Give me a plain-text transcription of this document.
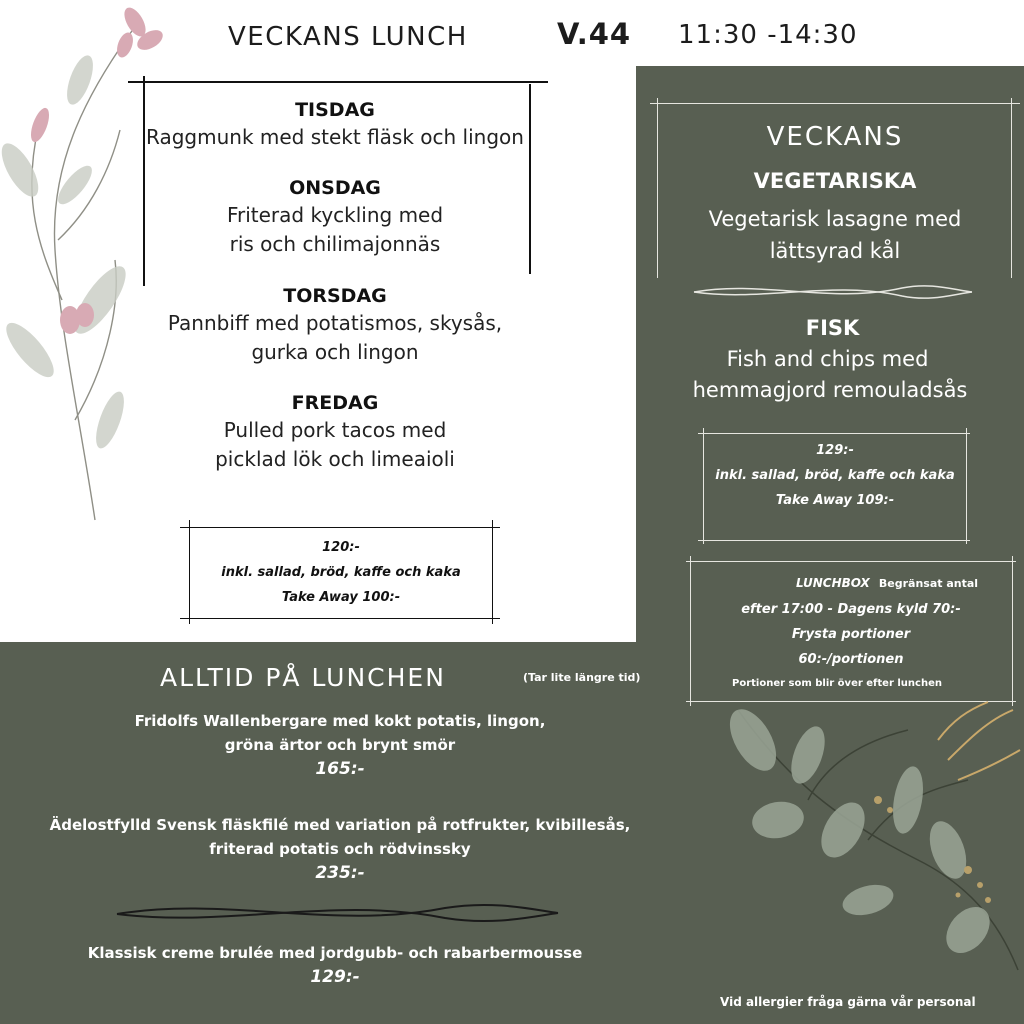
VECKANS LUNCH	V.44 11:30 -14:30
TISDAG
Raggmunk med stekt fläsk och lingon
ONSDAG
Friterad kyckling med
ris och chilimajonnäs
TORSDAG
Pannbiff med potatismos, skysås,
gurka och lingon
FREDAG
Pulled pork tacos med
picklad lök och limeaioli
120:-
inkl. sallad, bröd, kaffe och kaka
Take Away 100:-
VECKANS
VEGETARISKA
Vegetarisk lasagne med
lättsyrad kål
FISK
Fish and chips med
hemmagjord remouladsås
129:-
inkl. sallad, bröd, kaffe och kaka
Take Away 109:-
LUNCHBOX Begränsat antal
efter 17:00 - Dagens kyld 70:-
Frysta portioner
60:-/portionen
Portioner som blir över efter lunchen
ALLTID PÅ LUNCHEN	(Tar lite längre tid)
Fridolfs Wallenbergare med kokt potatis, lingon,
gröna ärtor och brynt smör
165:-
Ädelostfylld Svensk fläskfilé med variation på rotfrukter, kvibillesås,
friterad potatis och rödvinssky
235:-
Klassisk creme brulée med jordgubb- och rabarbermousse
129:-
Vid allergier fråga gärna vår personal
